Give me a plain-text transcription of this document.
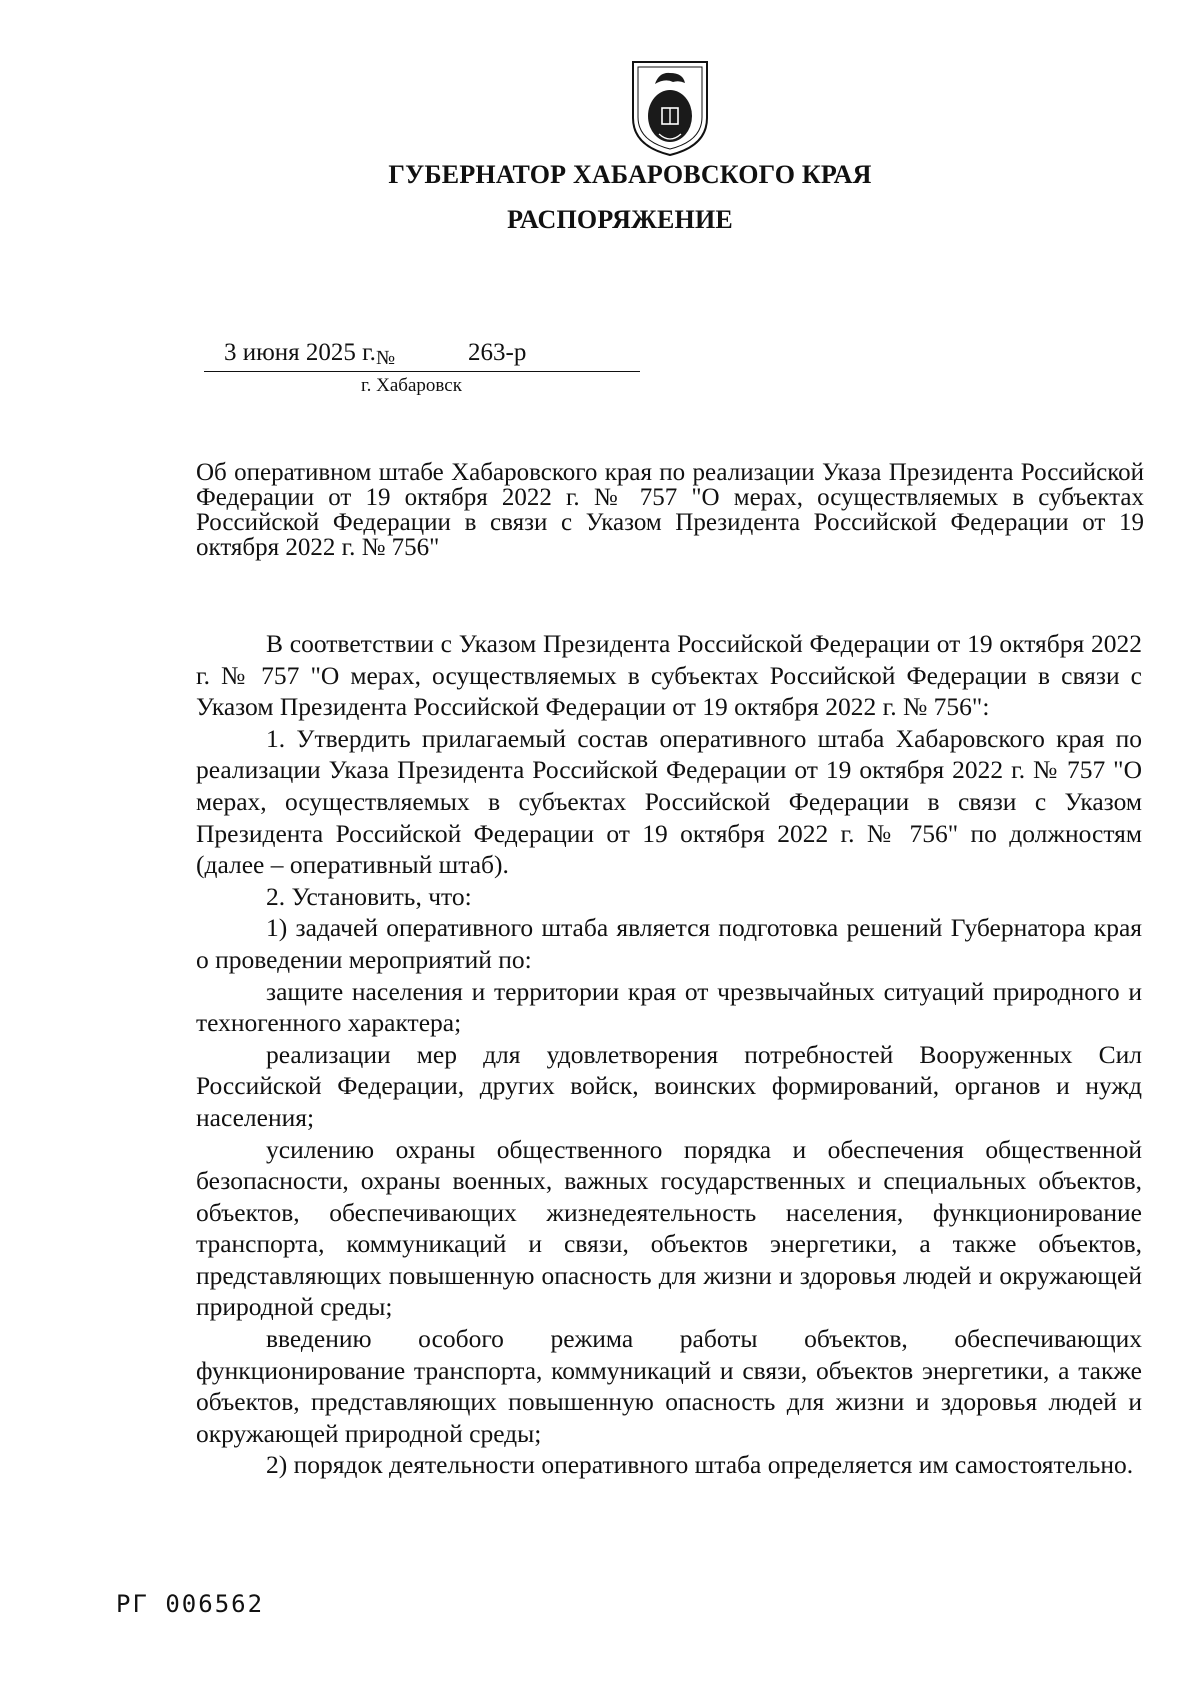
ГУБЕРНАТОР ХАБАРОВСКОГО КРАЯ
РАСПОРЯЖЕНИЕ
3 июня 2025 г. №	263-р
г. Хабаровск
Об оперативном штабе Хабаровского края по реализации Указа Президента Российской Федерации от 19 октября 2022 г. № 757 "О мерах, осуществляемых в субъектах Российской Федерации в связи с Указом Президента Российской Федерации от 19 октября 2022 г. № 756"

В соответствии с Указом Президента Российской Федерации от 19 октября 2022 г. № 757 "О мерах, осуществляемых в субъектах Российской Федерации в связи с Указом Президента Российской Федерации от 19 октября 2022 г. № 756":

1. Утвердить прилагаемый состав оперативного штаба Хабаровского края по реализации Указа Президента Российской Федерации от 19 октября 2022 г. № 757 "О мерах, осуществляемых в субъектах Российской Федерации в связи с Указом Президента Российской Федерации от 19 октября 2022 г. № 756" по должностям (далее – оперативный штаб).

2. Установить, что:

1) задачей оперативного штаба является подготовка решений Губернатора края о проведении мероприятий по:

защите населения и территории края от чрезвычайных ситуаций природного и техногенного характера;

реализации мер для удовлетворения потребностей Вооруженных Сил Российской Федерации, других войск, воинских формирований, органов и нужд населения;

усилению охраны общественного порядка и обеспечения общественной безопасности, охраны военных, важных государственных и специальных объектов, объектов, обеспечивающих жизнедеятельность населения, функционирование транспорта, коммуникаций и связи, объектов энергетики, а также объектов, представляющих повышенную опасность для жизни и здоровья людей и окружающей природной среды;

введению особого режима работы объектов, обеспечивающих функционирование транспорта, коммуникаций и связи, объектов энергетики, а также объектов, представляющих повышенную опасность для жизни и здоровья людей и окружающей природной среды;

2) порядок деятельности оперативного штаба определяется им самостоятельно.

РГ 006562
